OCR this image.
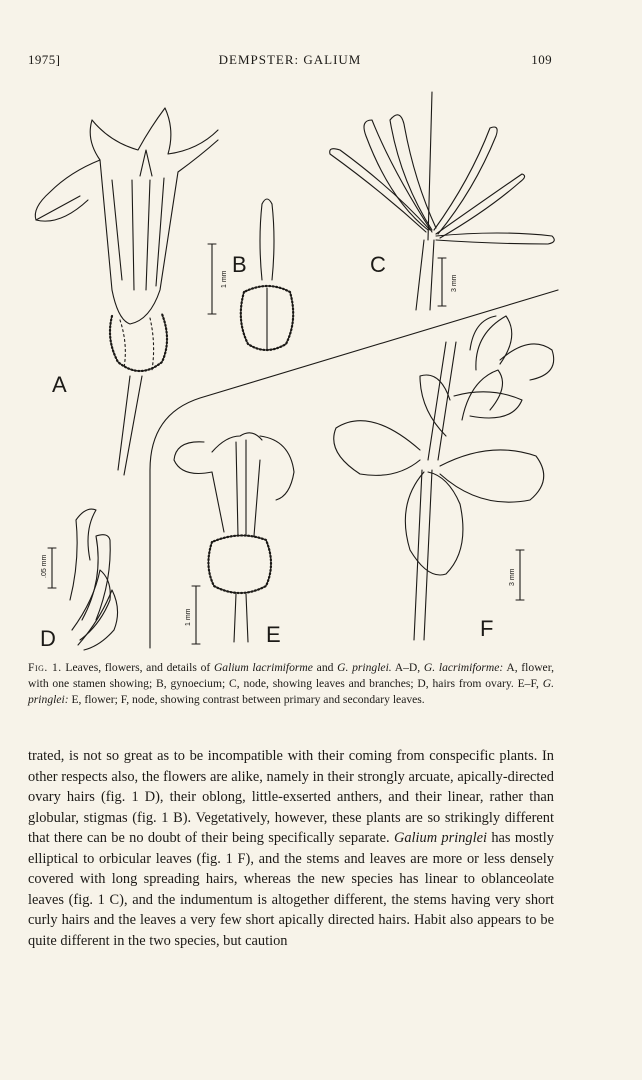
1975]	DEMPSTER: GALIUM	109
A
B	C
D	E	F
1 mm	3 mm
.05 mm
1 mm
3 mm
Fig. 1. Leaves, flowers, and details of Galium lacrimiforme and G. pringlei. A–D, G. lacrimiforme: A, flower, with one stamen showing; B, gynoecium; C, node, showing leaves and branches; D, hairs from ovary. E–F, G. pringlei: E, flower; F, node, showing contrast between primary and secondary leaves.

trated, is not so great as to be incompatible with their coming from conspecific plants. In other respects also, the flowers are alike, namely in their strongly arcuate, apically-directed ovary hairs (fig. 1 D), their oblong, little-exserted anthers, and their linear, rather than globular, stigmas (fig. 1 B). Vegetatively, however, these plants are so strikingly different that there can be no doubt of their being specifically separate. Galium pringlei has mostly elliptical to orbicular leaves (fig. 1 F), and the stems and leaves are more or less densely covered with long spreading hairs, whereas the new species has linear to oblanceolate leaves (fig. 1 C), and the indumentum is altogether different, the stems having very short curly hairs and the leaves a very few short apically directed hairs. Habit also appears to be quite different in the two species, but caution
